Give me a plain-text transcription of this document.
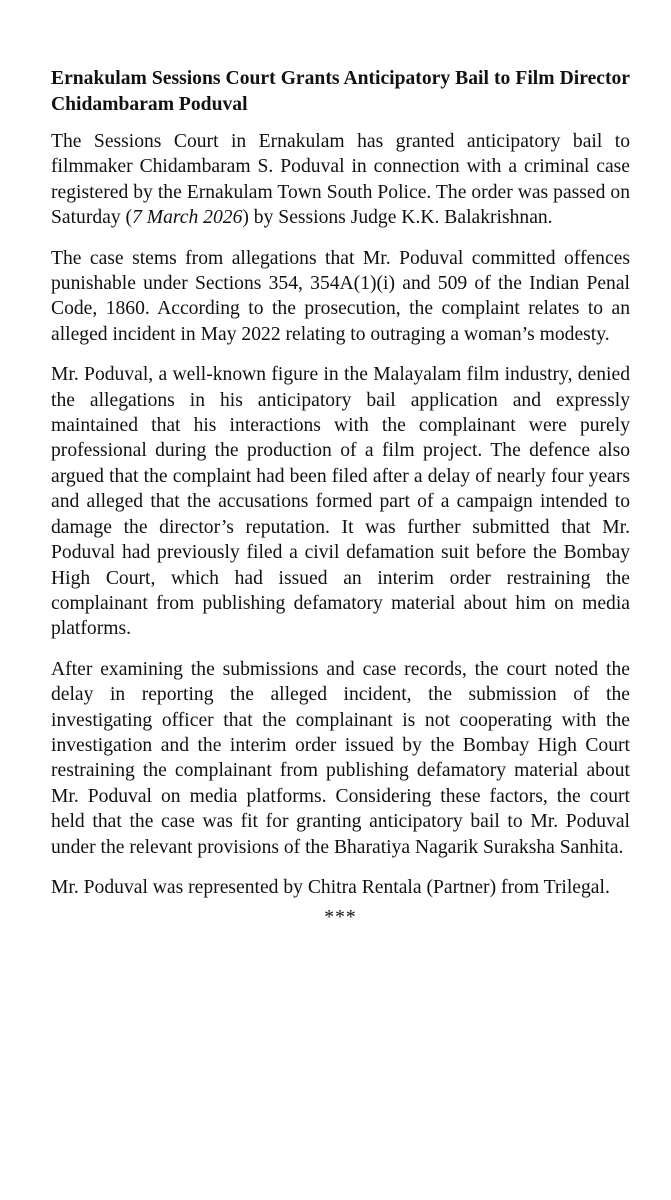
Ernakulam Sessions Court Grants Anticipatory Bail to Film Director Chidambaram Poduval

The Sessions Court in Ernakulam has granted anticipatory bail to filmmaker Chidambaram S. Poduval in connection with a criminal case registered by the Ernakulam Town South Police. The order was passed on Saturday (7 March 2026) by Sessions Judge K.K. Balakrishnan.

The case stems from allegations that Mr. Poduval committed offences punishable under Sections 354, 354A(1)(i) and 509 of the Indian Penal Code, 1860. According to the prosecution, the complaint relates to an alleged incident in May 2022 relating to outraging a woman’s modesty.

Mr. Poduval, a well-known figure in the Malayalam film industry, denied the allegations in his anticipatory bail application and expressly maintained that his interactions with the complainant were purely professional during the production of a film project. The defence also argued that the complaint had been filed after a delay of nearly four years and alleged that the accusations formed part of a campaign intended to damage the director’s reputation. It was further submitted that Mr. Poduval had previously filed a civil defamation suit before the Bombay High Court, which had issued an interim order restraining the complainant from publishing defamatory material about him on media platforms.

After examining the submissions and case records, the court noted the delay in reporting the alleged incident, the submission of the investigating officer that the complainant is not cooperating with the investigation and the interim order issued by the Bombay High Court restraining the complainant from publishing defamatory material about Mr. Poduval on media platforms. Considering these factors, the court held that the case was fit for granting anticipatory bail to Mr. Poduval under the relevant provisions of the Bharatiya Nagarik Suraksha Sanhita.

Mr. Poduval was represented by Chitra Rentala (Partner) from Trilegal.

***
